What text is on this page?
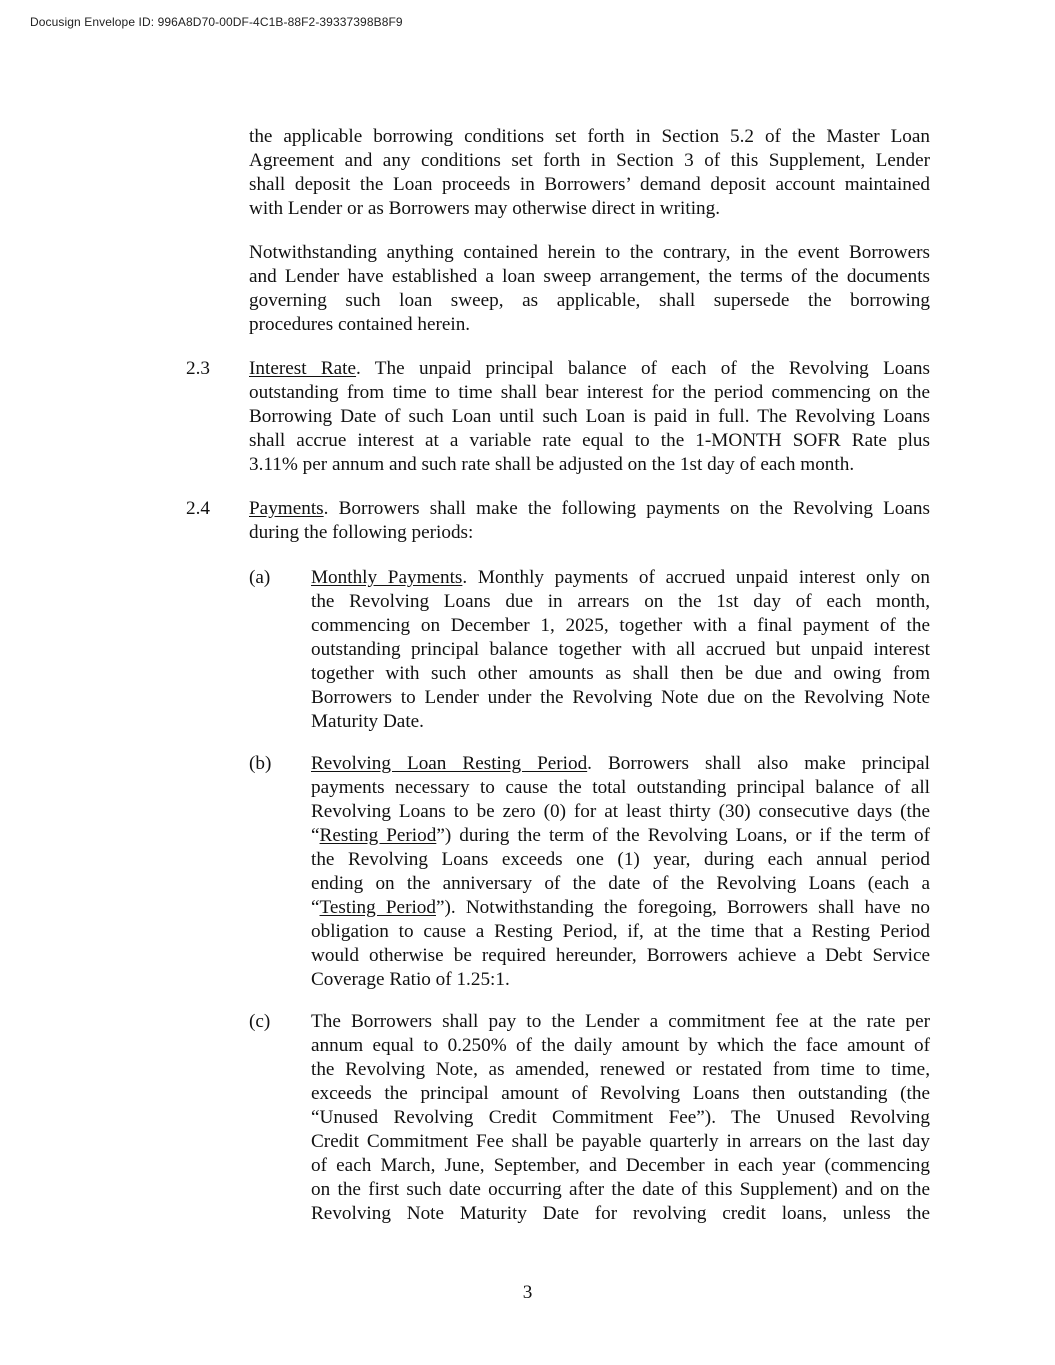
Docusign Envelope ID: 996A8D70-00DF-4C1B-88F2-39337398B8F9
the applicable borrowing conditions set forth in Section 5.2 of the Master Loan
Agreement and any conditions set forth in Section 3 of this Supplement, Lender
shall deposit the Loan proceeds in Borrowers’ demand deposit account maintained
with Lender or as Borrowers may otherwise direct in writing.
Notwithstanding anything contained herein to the contrary, in the event Borrowers
and Lender have established a loan sweep arrangement, the terms of the documents
governing such loan sweep, as applicable, shall supersede the borrowing
procedures contained herein.
2.3 Interest Rate. The unpaid principal balance of each of the Revolving Loans
outstanding from time to time shall bear interest for the period commencing on the
Borrowing Date of such Loan until such Loan is paid in full. The Revolving Loans
shall accrue interest at a variable rate equal to the 1-MONTH SOFR Rate plus
3.11% per annum and such rate shall be adjusted on the 1st day of each month.
2.4 Payments. Borrowers shall make the following payments on the Revolving Loans
during the following periods:
(a) Monthly Payments. Monthly payments of accrued unpaid interest only on
the Revolving Loans due in arrears on the 1st day of each month,
commencing on December 1, 2025, together with a final payment of the
outstanding principal balance together with all accrued but unpaid interest
together with such other amounts as shall then be due and owing from
Borrowers to Lender under the Revolving Note due on the Revolving Note
Maturity Date.
(b) Revolving Loan Resting Period. Borrowers shall also make principal
payments necessary to cause the total outstanding principal balance of all
Revolving Loans to be zero (0) for at least thirty (30) consecutive days (the
“Resting Period”) during the term of the Revolving Loans, or if the term of
the Revolving Loans exceeds one (1) year, during each annual period
ending on the anniversary of the date of the Revolving Loans (each a
“Testing Period”). Notwithstanding the foregoing, Borrowers shall have no
obligation to cause a Resting Period, if, at the time that a Resting Period
would otherwise be required hereunder, Borrowers achieve a Debt Service
Coverage Ratio of 1.25:1.
(c) The Borrowers shall pay to the Lender a commitment fee at the rate per
annum equal to 0.250% of the daily amount by which the face amount of
the Revolving Note, as amended, renewed or restated from time to time,
exceeds the principal amount of Revolving Loans then outstanding (the
“Unused Revolving Credit Commitment Fee”). The Unused Revolving
Credit Commitment Fee shall be payable quarterly in arrears on the last day
of each March, June, September, and December in each year (commencing
on the first such date occurring after the date of this Supplement) and on the
Revolving Note Maturity Date for revolving credit loans, unless the
3
